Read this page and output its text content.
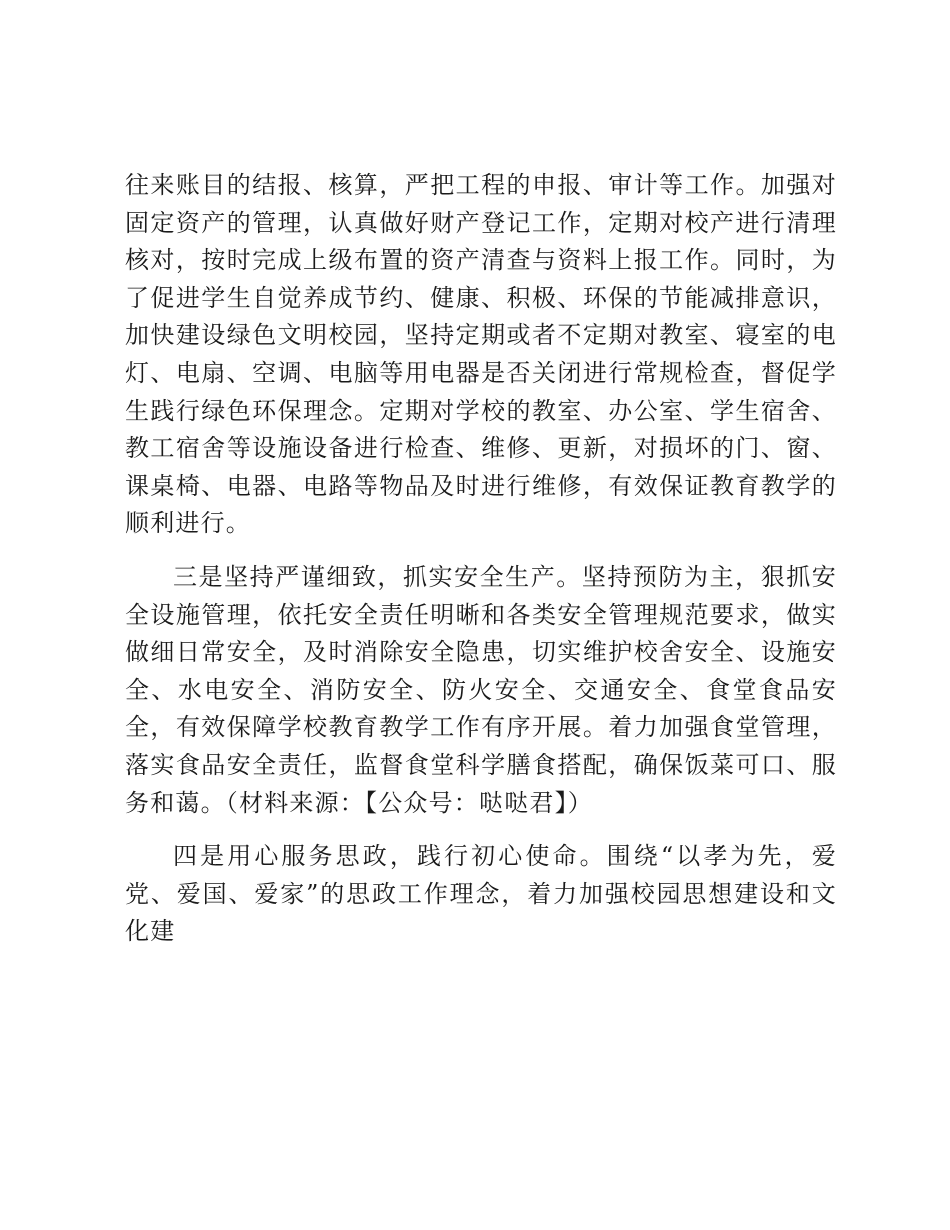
往来账目的结报、核算，严把工程的申报、审计等工作。加强对固定资产的管理，认真做好财产登记工作，定期对校产进行清理核对，按时完成上级布置的资产清查与资料上报工作。同时，为了促进学生自觉养成节约、健康、积极、环保的节能减排意识，加快建设绿色文明校园，坚持定期或者不定期对教室、寝室的电灯、电扇、空调、电脑等用电器是否关闭进行常规检查，督促学生践行绿色环保理念。定期对学校的教室、办公室、学生宿舍、教工宿舍等设施设备进行检查、维修、更新，对损坏的门、窗、课桌椅、电器、电路等物品及时进行维修，有效保证教育教学的顺利进行。

三是坚持严谨细致，抓实安全生产。坚持预防为主，狠抓安全设施管理，依托安全责任明晰和各类安全管理规范要求，做实做细日常安全，及时消除安全隐患，切实维护校舍安全、设施安全、水电安全、消防安全、防火安全、交通安全、食堂食品安全，有效保障学校教育教学工作有序开展。着力加强食堂管理，落实食品安全责任，监督食堂科学膳食搭配，确保饭菜可口、服务和蔼。（材料来源：【公众号：哒哒君】）

四是用心服务思政，践行初心使命。围绕“以孝为先，爱党、爱国、爱家”的思政工作理念，着力加强校园思想建设和文化建
